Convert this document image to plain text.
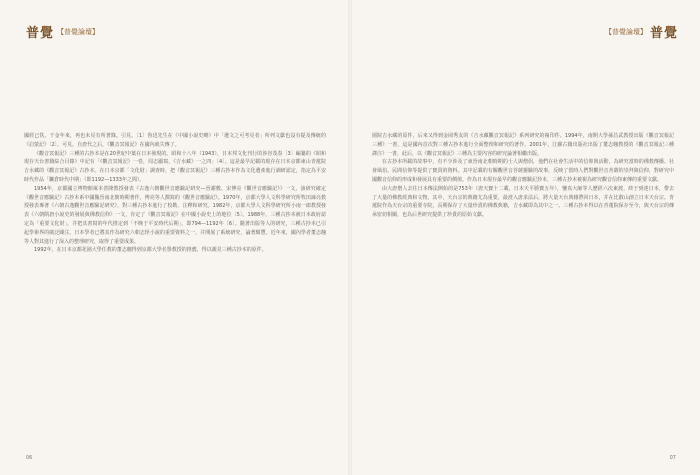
普覺 【普覺論壇】

國經已佚，千金年來，再也未見有所著錄。引見。〔1〕魯迅先生在《中國小說史略》中「遺文之可考見者」所列文獻也沒有提及傳統的《启蒙記》〔2〕。可見，自唐代之后，《觀音冥報記》在國內就失傳了。

《觀音冥報記》三種的古抄本是在20世紀中葉在日本發現的。昭和十八年（1943），日本邦文化刊行的涉谷茂春〔3〕編纂的《昭和現存天台書籍綜合目錄》中記有「《觀音冥報記》一卷，周志顯寫，《吉水藏》一之四」〔4〕。這是最早記載的現存在日本京都東山青蓮院吉水藏的《觀音冥報記》古抄本。在日本京都「文化財」調查時，把《觀音冥報記》三種古抄本作為文化遺產進行調研認定，指定為平安時代作品「鐮倉時代中期」（即1192—1333年之間）。

1954年，京都國立博物館塚本善隆教授發表《古逸六朝觀世音應驗記研究—晉謝敷、宋傅亮《觀世音應驗記》》一文，該研究確定《觀世音應驗記》古抄本系中國魏晉南北朝時期著作，傅亮等人撰寫的《觀世音應驗記》。1970年，京都大學人文科學研究所牧田諦亮教授發表專著《六朝古逸觀世音應驗記研究》，對三種古抄本進行了校勘、注釋和研究。1982年，京都大學人文科學研究所小南一郎教授發表《六朝隋唐小說史的發展與佛教信仰》一文，肯定了《觀音冥報記》在中國小說史上的地位〔5〕。1988年，三種古抄本被日本政府認定為「重要文化財」，并把其書寫的年代推定到「不晚于平安時代后期」，即794—1192年〔6〕。隨著出版等人的研究，三種古抄本已引起學術界的廣泛關注。日本學者已將其作為研究六朝志怪小說的重要資料之一，并開展了系統研究，論著頗豐。近年來，國內學者董志翹等人對其進行了深入的整理研究，取得了重要成果。

1992年，在日本京都花園大學任教的董志翹得到京都大學名譽教授的推薦，得以親見三種古抄本的原件。

06
【普覺論壇】 普覺

園院吉水藏的原件，后來又得到金岡秀友的《吉水藏觀音冥報記》系列研究的複印件。1994年，南開大學孫昌武教授出版《觀音冥報記三種》一書，這是國內首次對三種古抄本進行全面整理和研究的著作。2001年，江蘇古籍出版社出版了董志翹教授的《觀音冥報記三種譯注》一書，此后，以《觀音冥報記》三種為主要內容的研究論著相繼出版。

在古抄本所載的故事中，有不少涉及了東晉南北朝時期的士人與僧侶，他們在社會生活中的信仰與活動，為研究當時的佛教傳播、社會風俗、民間信仰等提供了寶貴的資料。其中記載的有關觀世音菩薩靈驗的故事，反映了當時人們對觀世音菩薩的崇拜與信仰，對研究中國觀音信仰的形成和發展具有重要的價值。作為日本現存最早的觀音應驗記抄本，三種古抄本被視為研究觀音信仰東傳的重要文獻。

由大唐僧人去往日本傳法開始的是753年（唐天寶十二載，日本天平勝寶五年），鑒真大師等人歷經六次東渡，終于到達日本，帶去了大量的佛教經典和文物。其中，天台宗的典籍尤為重要，最澄入唐求法后，將大量天台典籍帶回日本，并在比叡山創立日本天台宗。青蓮院作為天台宗的重要寺院，長期保存了大量珍貴的佛教典籍，吉水藏即為其中之一。三種古抄本得以在青蓮院保存至今，與天台宗的傳承密切相關，也為后世研究提供了珍貴的原始文獻。

07
